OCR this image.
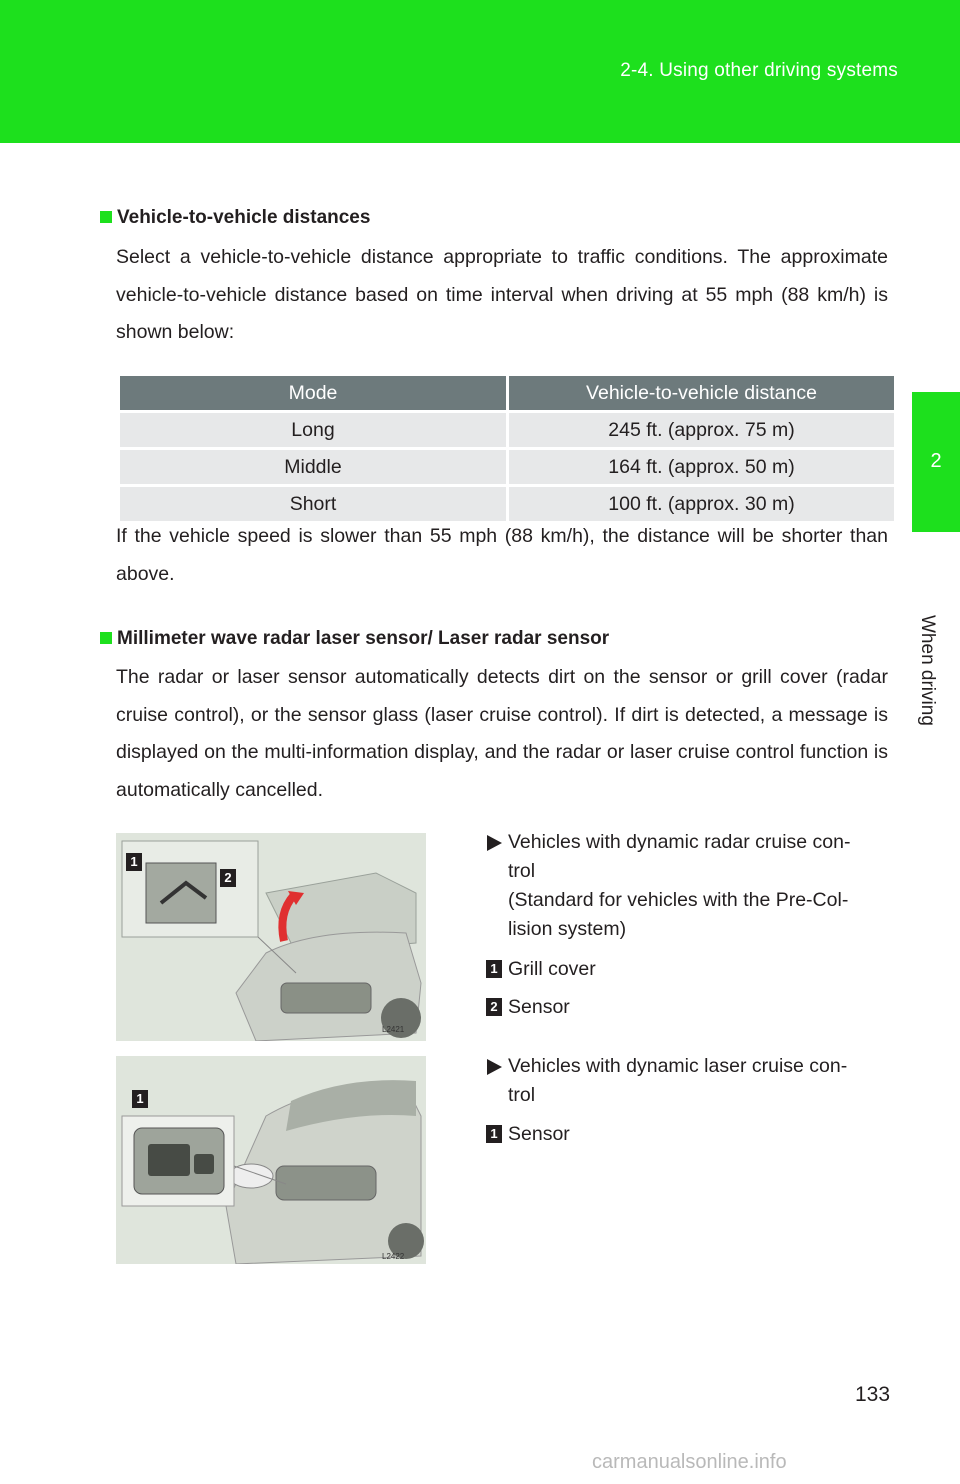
2-4. Using other driving systems
2
When driving
Vehicle-to-vehicle distances
Select a vehicle-to-vehicle distance appropriate to traffic conditions. The approximate vehicle-to-vehicle distance based on time interval when driving at 55 mph (88 km/h) is shown below:
Mode	Vehicle-to-vehicle distance
Long	245 ft. (approx. 75 m)
Middle	164 ft. (approx. 50 m)
Short	100 ft. (approx. 30 m)
If the vehicle speed is slower than 55 mph (88 km/h), the distance will be shorter than above.
Millimeter wave radar laser sensor/ Laser radar sensor
The radar or laser sensor automatically detects dirt on the sensor or grill cover (radar cruise control), or the sensor glass (laser cruise control). If dirt is detected, a message is displayed on the multi-information display, and the radar or laser cruise control function is automatically cancelled.
1
2
L2421
Vehicles with dynamic radar cruise con-
trol
(Standard for vehicles with the Pre-Col-
lision system)
1 Grill cover
2 Sensor
1
L2422
Vehicles with dynamic laser cruise con-
trol
1 Sensor
133
carmanualsonline.info
